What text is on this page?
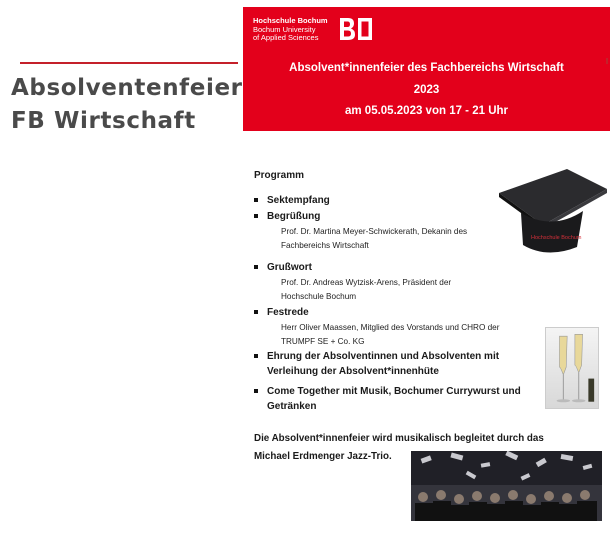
Absolventenfeier
FB Wirtschaft
Hochschule Bochum
Bochum University
of Applied Sciences
Absolvent*innenfeier des Fachbereichs Wirtschaft
2023
am 05.05.2023 von 17 - 21 Uhr
Programm
Sektempfang
Begrüßung
Prof. Dr. Martina Meyer-Schwickerath, Dekanin des
Fachbereichs Wirtschaft
Grußwort
Prof. Dr. Andreas Wytzisk-Arens, Präsident der
Hochschule Bochum
Festrede
Herr Oliver Maassen, Mitglied des Vorstands und CHRO der
TRUMPF SE + Co. KG
Ehrung der Absolventinnen und Absolventen mit
Verleihung der Absolvent*innenhüte
Come Together mit Musik, Bochumer Currywurst und
Getränken
Die Absolvent*innenfeier wird musikalisch begleitet durch das
Michael Erdmenger Jazz-Trio.
Hochschule Bochum
